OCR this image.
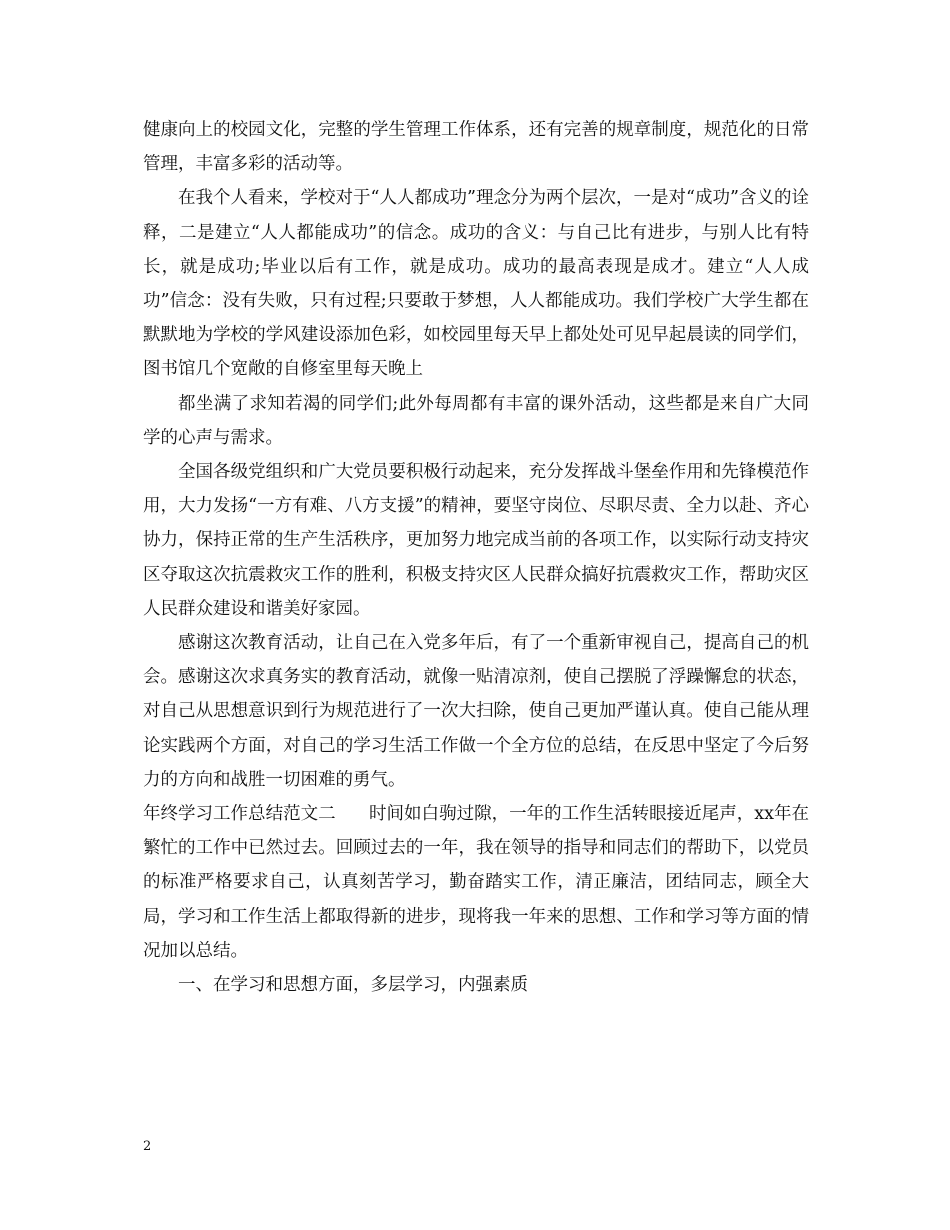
健康向上的校园文化，完整的学生管理工作体系，还有完善的规章制度，规范化的日常管理，丰富多彩的活动等。

在我个人看来，学校对于“人人都成功”理念分为两个层次，一是对“成功”含义的诠释，二是建立“人人都能成功”的信念。成功的含义：与自己比有进步，与别人比有特长，就是成功;毕业以后有工作，就是成功。成功的最高表现是成才。建立“人人成功”信念：没有失败，只有过程;只要敢于梦想，人人都能成功。我们学校广大学生都在默默地为学校的学风建设添加色彩，如校园里每天早上都处处可见早起晨读的同学们，图书馆几个宽敞的自修室里每天晚上

都坐满了求知若渴的同学们;此外每周都有丰富的课外活动，这些都是来自广大同学的心声与需求。

全国各级党组织和广大党员要积极行动起来，充分发挥战斗堡垒作用和先锋模范作用，大力发扬“一方有难、八方支援”的精神，要坚守岗位、尽职尽责、全力以赴、齐心协力，保持正常的生产生活秩序，更加努力地完成当前的各项工作，以实际行动支持灾区夺取这次抗震救灾工作的胜利，积极支持灾区人民群众搞好抗震救灾工作，帮助灾区人民群众建设和谐美好家园。

感谢这次教育活动，让自己在入党多年后，有了一个重新审视自己，提高自己的机会。感谢这次求真务实的教育活动，就像一贴清凉剂，使自己摆脱了浮躁懈怠的状态，对自己从思想意识到行为规范进行了一次大扫除，使自己更加严谨认真。使自己能从理论实践两个方面，对自己的学习生活工作做一个全方位的总结，在反思中坚定了今后努力的方向和战胜一切困难的勇气。

年终学习工作总结范文二      时间如白驹过隙，一年的工作生活转眼接近尾声，xx年在繁忙的工作中已然过去。回顾过去的一年，我在领导的指导和同志们的帮助下，以党员的标准严格要求自己，认真刻苦学习，勤奋踏实工作，清正廉洁，团结同志，顾全大局，学习和工作生活上都取得新的进步，现将我一年来的思想、工作和学习等方面的情况加以总结。

一、在学习和思想方面，多层学习，内强素质

2
